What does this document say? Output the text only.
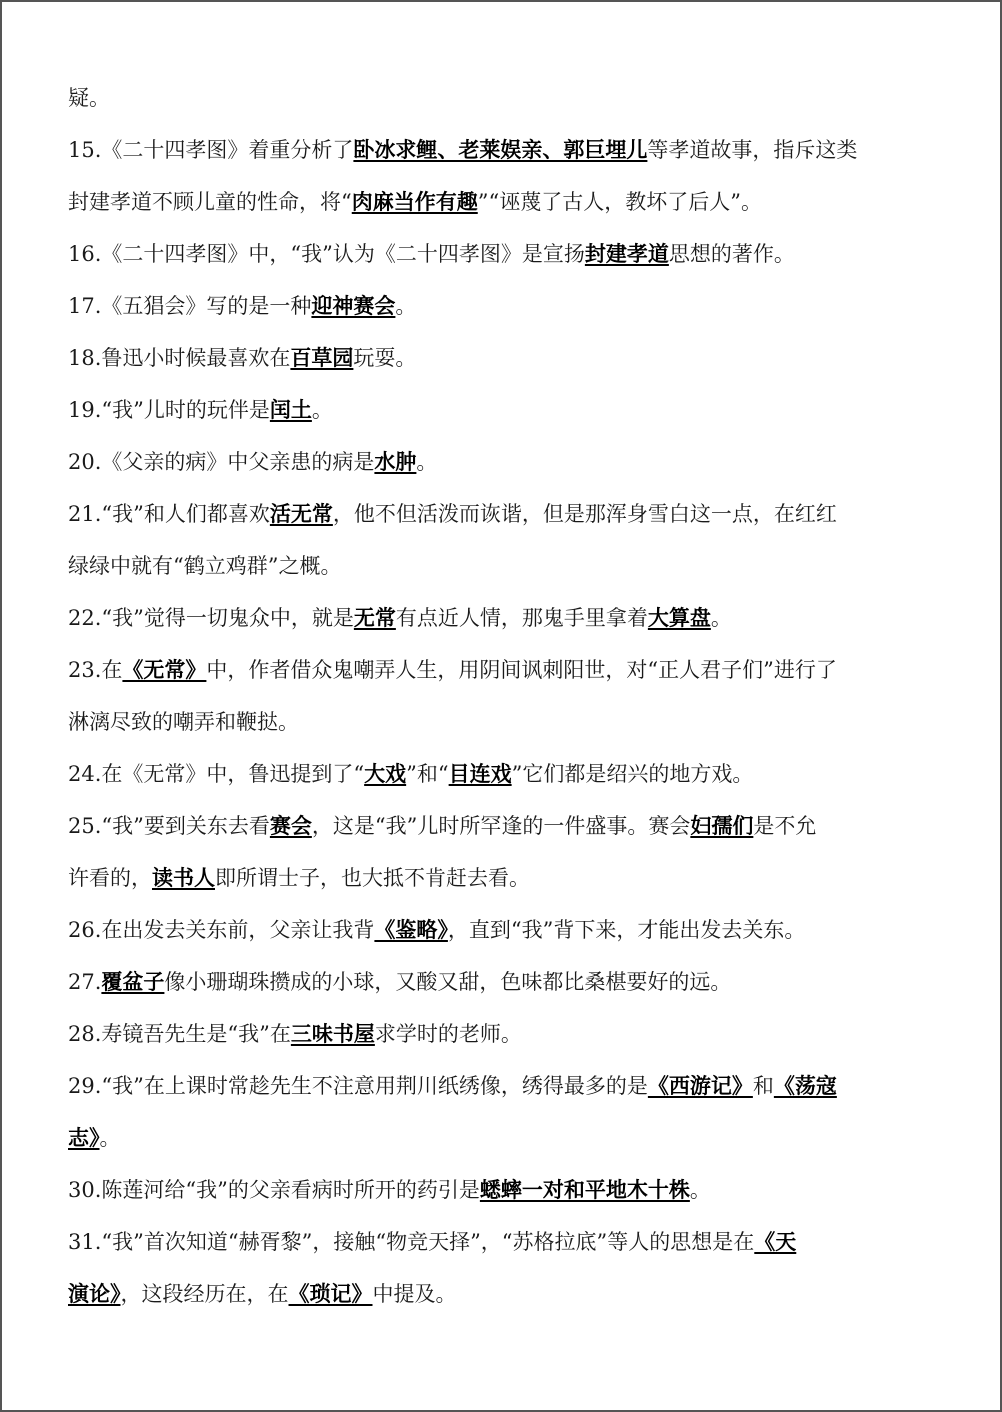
疑。
15.《二十四孝图》着重分析了卧冰求鲤、老莱娱亲、郭巨埋儿等孝道故事，指斥这类
封建孝道不顾儿童的性命，将“肉麻当作有趣”“诬蔑了古人，教坏了后人”。
16.《二十四孝图》中，“我”认为《二十四孝图》是宣扬封建孝道思想的著作。
17.《五猖会》写的是一种迎神赛会。
18.鲁迅小时候最喜欢在百草园玩耍。
19.“我”儿时的玩伴是闰土。
20.《父亲的病》中父亲患的病是水肿。
21.“我”和人们都喜欢活无常，他不但活泼而诙谐，但是那浑身雪白这一点，在红红
绿绿中就有“鹤立鸡群”之概。
22.“我”觉得一切鬼众中，就是无常有点近人情，那鬼手里拿着大算盘。
23.在《无常》中，作者借众鬼嘲弄人生，用阴间讽刺阳世，对“正人君子们”进行了
淋漓尽致的嘲弄和鞭挞。
24.在《无常》中，鲁迅提到了“大戏”和“目连戏”它们都是绍兴的地方戏。
25.“我”要到关东去看赛会，这是“我”儿时所罕逢的一件盛事。赛会妇孺们是不允
许看的，读书人即所谓士子，也大抵不肯赶去看。
26.在出发去关东前，父亲让我背《鉴略》，直到“我”背下来，才能出发去关东。
27.覆盆子像小珊瑚珠攒成的小球，又酸又甜，色味都比桑椹要好的远。
28.寿镜吾先生是“我”在三味书屋求学时的老师。
29.“我”在上课时常趁先生不注意用荆川纸绣像，绣得最多的是《西游记》和《荡寇
志》。
30.陈莲河给“我”的父亲看病时所开的药引是蟋蟀一对和平地木十株。
31.“我”首次知道“赫胥黎”，接触“物竞天择”，“苏格拉底”等人的思想是在《天
演论》，这段经历在，在《琐记》中提及。
